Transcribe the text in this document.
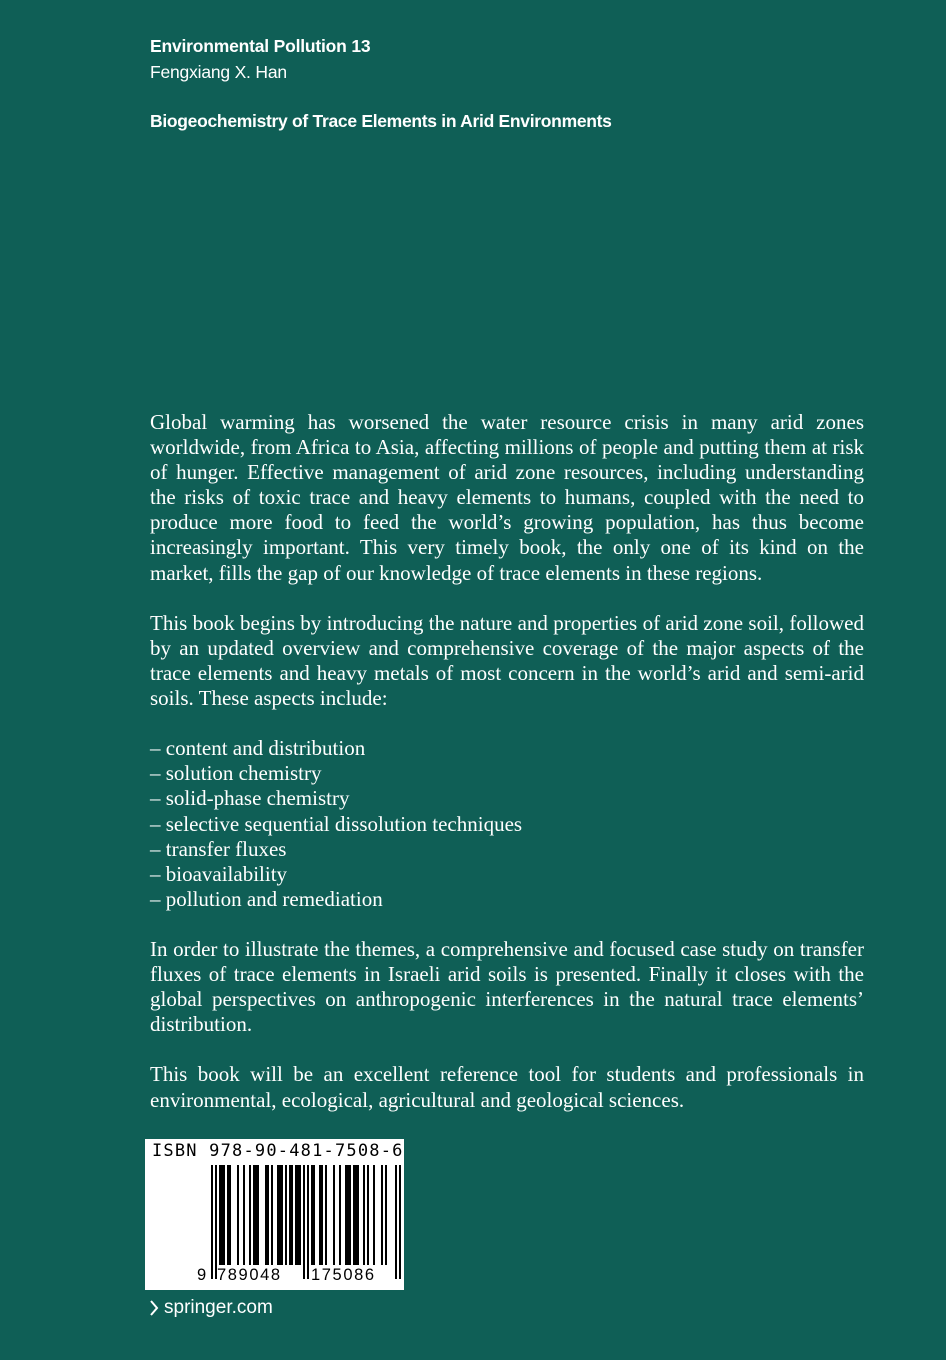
Environmental Pollution 13
Fengxiang X. Han
Biogeochemistry of Trace Elements in Arid Environments

Global warming has worsened the water resource crisis in many arid zones worldwide, from Africa to Asia, affecting millions of people and putting them at risk of hunger. Effective management of arid zone resources, including understanding the risks of toxic trace and heavy elements to humans, coupled with the need to produce more food to feed the world’s growing population, has thus become increasingly important. This very timely book, the only one of its kind on the market, fills the gap of our knowledge of trace elements in these regions.

This book begins by introducing the nature and properties of arid zone soil, followed by an updated overview and comprehensive coverage of the major aspects of the trace elements and heavy metals of most concern in the world’s arid and semi-arid soils. These aspects include:

– content and distribution
– solution chemistry
– solid-phase chemistry
– selective sequential dissolution techniques
– transfer fluxes
– bioavailability
– pollution and remediation

In order to illustrate the themes, a comprehensive and focused case study on transfer fluxes of trace elements in Israeli arid soils is presented. Finally it closes with the global perspectives on anthropogenic interferences in the natural trace elements’ distribution.

This book will be an excellent reference tool for students and professionals in environmental, ecological, agricultural and geological sciences.

ISBN 978-90-481-7508-6
9 789048 175086
springer.com
